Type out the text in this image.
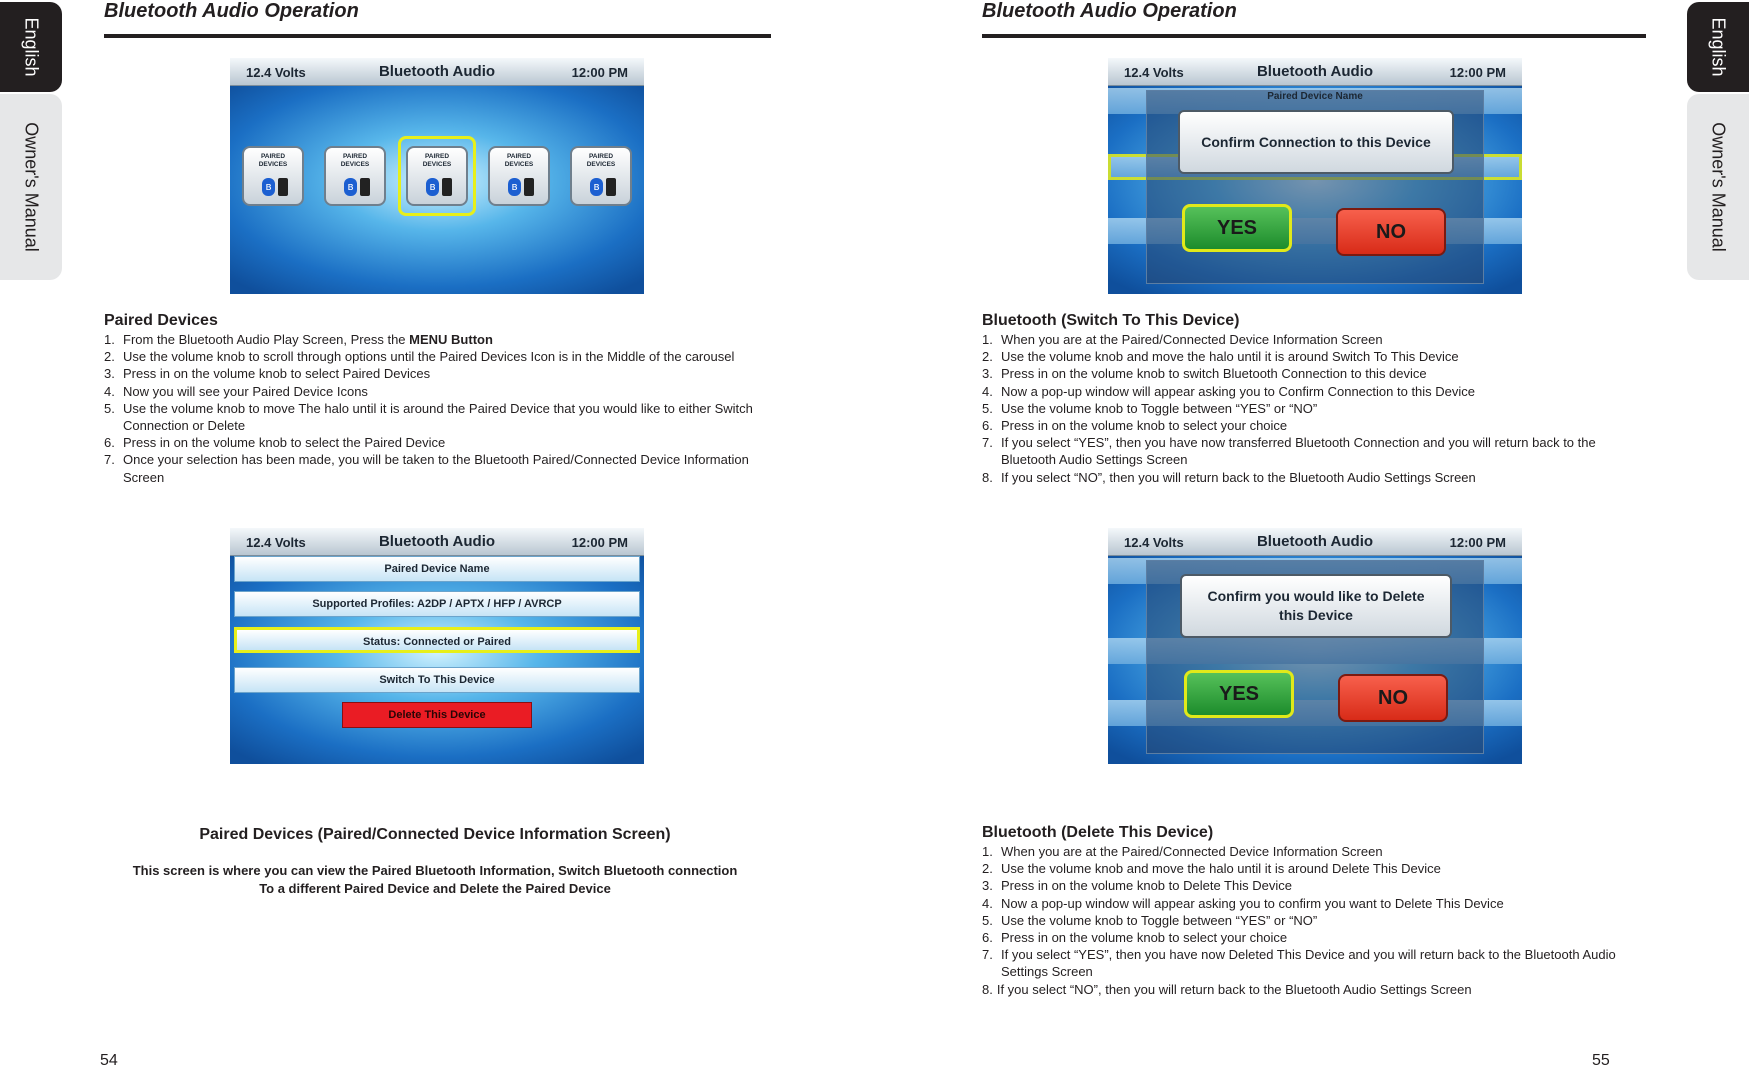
English
Owner's Manual
English
Owner's Manual
Bluetooth Audio Operation	Bluetooth Audio Operation
12.4 Volts	Bluetooth Audio	12:00 PM
PAIRED
DEVICES
ʙ
PAIRED
DEVICES
ʙ
PAIRED
DEVICES
ʙ
PAIRED
DEVICES
ʙ
PAIRED
DEVICES
ʙ
Paired Devices
1. From the Bluetooth Audio Play Screen, Press the MENU Button
2. Use the volume knob to scroll through options until the Paired Devices Icon is in the Middle of the carousel
3. Press in on the volume knob to select Paired Devices
4. Now you will see your Paired Device Icons
5. Use the volume knob to move The halo until it is around the Paired Device that you would like to either Switch Connection or Delete
6. Press in on the volume knob to select the Paired Device
7. Once your selection has been made, you will be taken to the Bluetooth Paired/Connected Device Information Screen
12.4 Volts	Bluetooth Audio	12:00 PM
Paired Device Name
Supported Profiles: A2DP / APTX / HFP / AVRCP
Status: Connected or Paired
Switch To This Device
Delete This Device
Paired Devices (Paired/Connected Device Information Screen)

This screen is where you can view the Paired Bluetooth Information, Switch Bluetooth connection
To a different Paired Device and Delete the Paired Device

12.4 Volts	Bluetooth Audio	12:00 PM
Paired Device Name
Confirm Connection to this Device
YES	NO
Bluetooth (Switch To This Device)
1. When you are at the Paired/Connected Device Information Screen
2. Use the volume knob and move the halo until it is around Switch To This Device
3. Press in on the volume knob to switch Bluetooth Connection to this device
4. Now a pop-up window will appear asking you to Confirm Connection to this Device
5. Use the volume knob to Toggle between “YES” or “NO”
6. Press in on the volume knob to select your choice
7. If you select “YES”, then you have now transferred Bluetooth Connection and you will return back to the Bluetooth Audio Settings Screen
8. If you select “NO”, then you will return back to the Bluetooth Audio Settings Screen
12.4 Volts	Bluetooth Audio	12:00 PM
Confirm you would like to Delete
this Device
YES	NO
Bluetooth (Delete This Device)
1. When you are at the Paired/Connected Device Information Screen
2. Use the volume knob and move the halo until it is around Delete This Device
3. Press in on the volume knob to Delete This Device
4. Now a pop-up window will appear asking you to confirm you want to Delete This Device
5. Use the volume knob to Toggle between “YES” or “NO”
6. Press in on the volume knob to select your choice
7. If you select “YES”, then you have now Deleted This Device and you will return back to the Bluetooth Audio Settings Screen
8. If you select “NO”, then you will return back to the Bluetooth Audio Settings Screen
54	55
